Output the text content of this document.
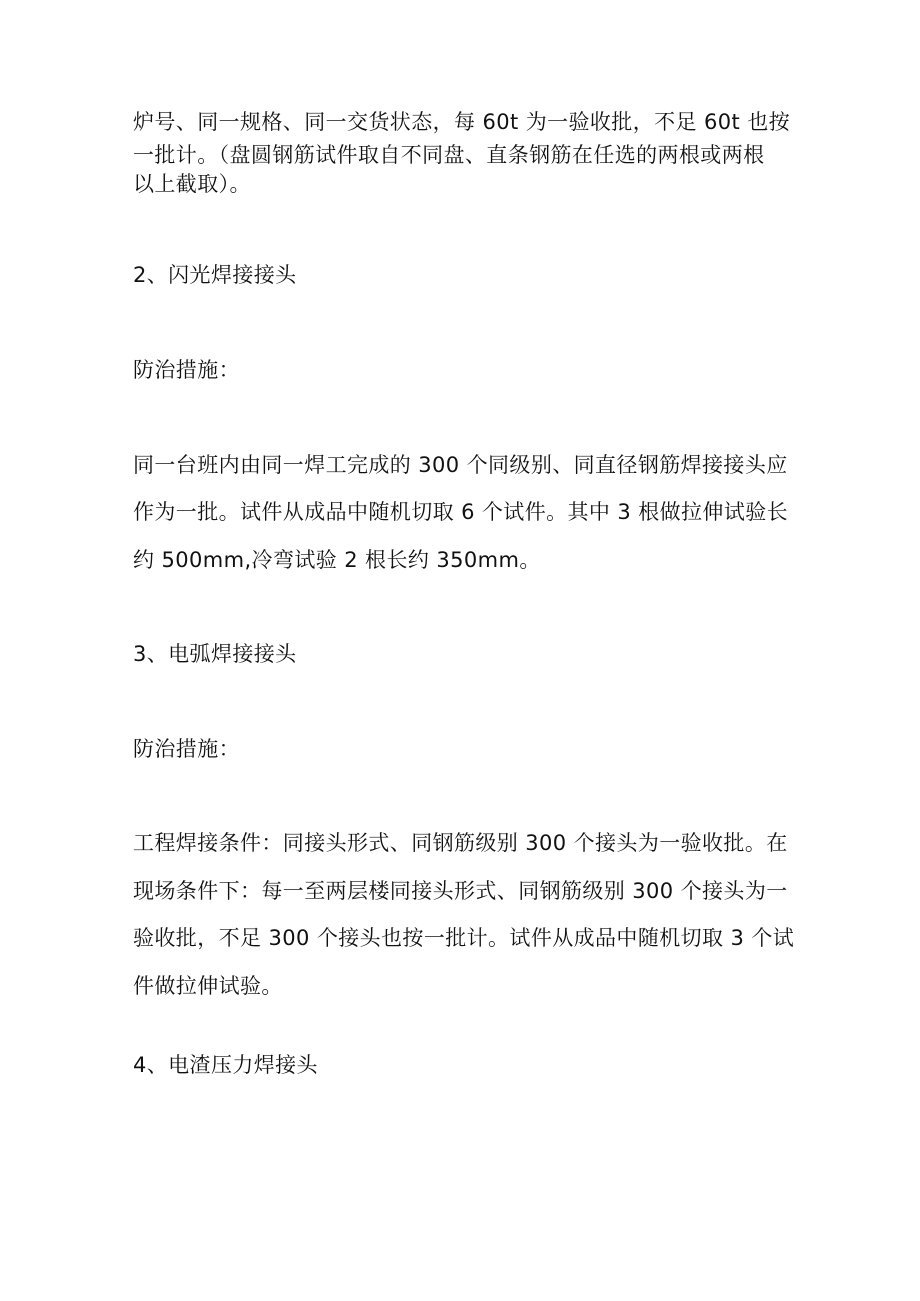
炉号、同一规格、同一交货状态，每 60t 为一验收批，不足 60t 也按
一批计。（盘圆钢筋试件取自不同盘、直条钢筋在任选的两根或两根
以上截取）。
2、闪光焊接接头
防治措施：
同一台班内由同一焊工完成的 300 个同级别、同直径钢筋焊接接头应
作为一批。试件从成品中随机切取 6 个试件。其中 3 根做拉伸试验长
约 500mm,冷弯试验 2 根长约 350mm。
3、电弧焊接接头
防治措施：
工程焊接条件：同接头形式、同钢筋级别 300 个接头为一验收批。在
现场条件下：每一至两层楼同接头形式、同钢筋级别 300 个接头为一
验收批，不足 300 个接头也按一批计。试件从成品中随机切取 3 个试
件做拉伸试验。
4、电渣压力焊接头
